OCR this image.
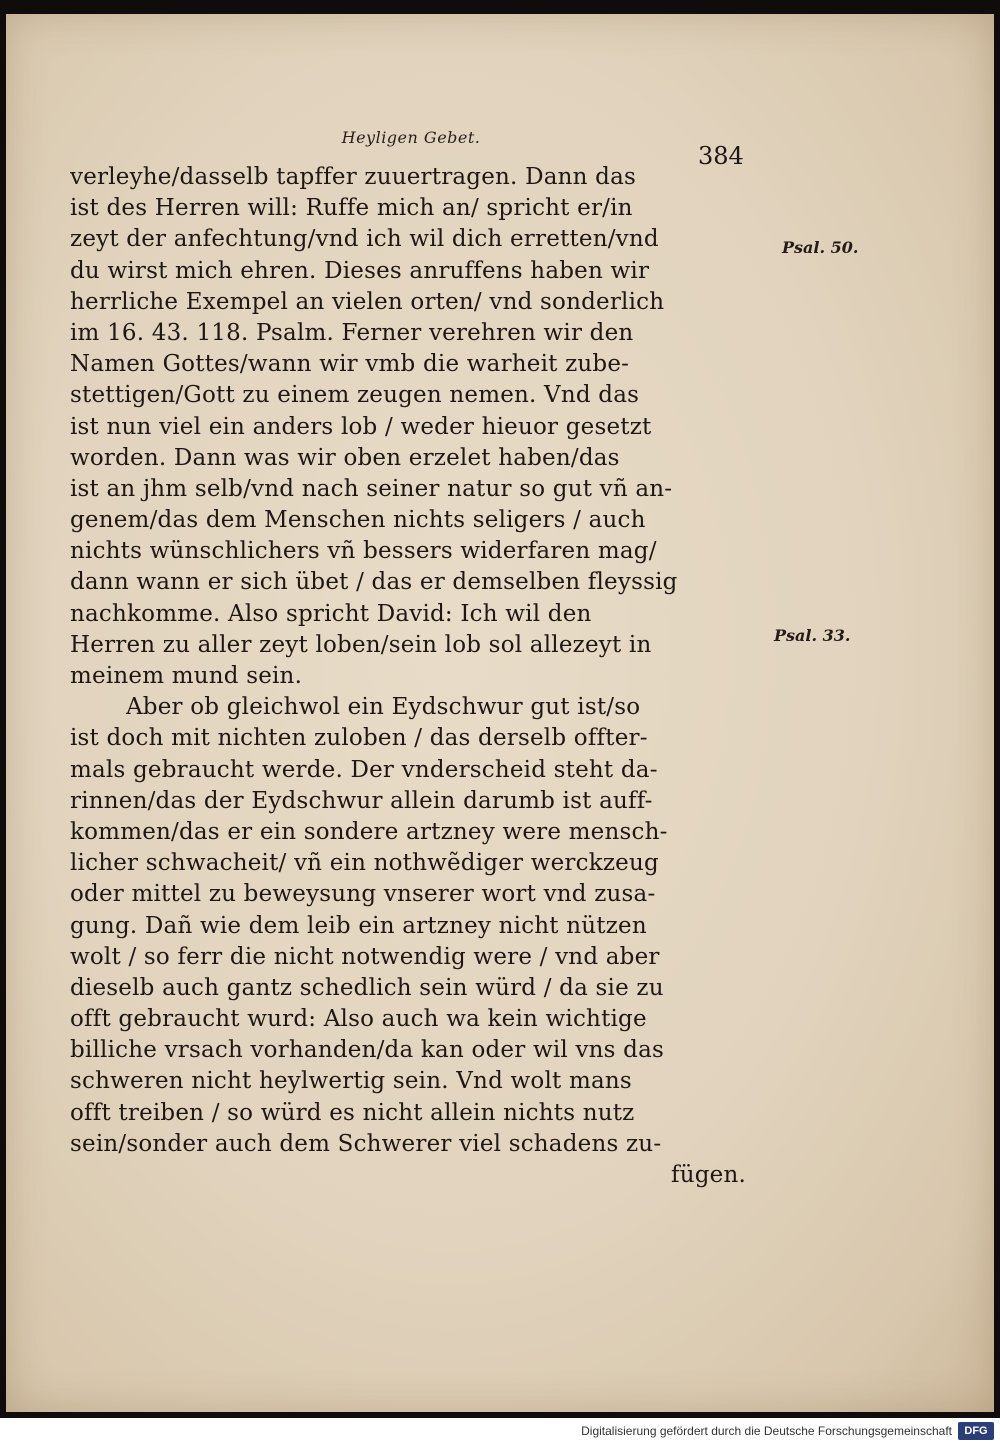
Heyligen Gebet.
384
verleyhe/dasselb tapffer zuuertragen. Dann das
ist des Herren will: Ruffe mich an/ spricht er/in
zeyt der anfechtung/vnd ich wil dich erretten/vnd
du wirst mich ehren. Dieses anruffens haben wir
herrliche Exempel an vielen orten/ vnd sonderlich
im 16. 43. 118. Psalm. Ferner verehren wir den
Namen Gottes/wann wir vmb die warheit zube-
stettigen/Gott zu einem zeugen nemen. Vnd das
ist nun viel ein anders lob / weder hieuor gesetzt
worden. Dann was wir oben erzelet haben/das
ist an jhm selb/vnd nach seiner natur so gut vñ an-
genem/das dem Menschen nichts seligers / auch
nichts wünschlichers vñ bessers widerfaren mag/
dann wann er sich übet / das er demselben fleyssig
nachkomme. Also spricht David: Ich wil den
Herren zu aller zeyt loben/sein lob sol allezeyt in
meinem mund sein.
Aber ob gleichwol ein Eydschwur gut ist/so
ist doch mit nichten zuloben / das derselb offter-
mals gebraucht werde. Der vnderscheid steht da-
rinnen/das der Eydschwur allein darumb ist auff-
kommen/das er ein sondere artzney were mensch-
licher schwacheit/ vñ ein nothwẽdiger werckzeug
oder mittel zu beweysung vnserer wort vnd zusa-
gung. Dañ wie dem leib ein artzney nicht nützen
wolt / so ferr die nicht notwendig were / vnd aber
dieselb auch gantz schedlich sein würd / da sie zu
offt gebraucht wurd: Also auch wa kein wichtige
billiche vrsach vorhanden/da kan oder wil vns das
schweren nicht heylwertig sein. Vnd wolt mans
offt treiben / so würd es nicht allein nichts nutz
sein/sonder auch dem Schwerer viel schadens zu-
fügen.
Psal. 50.
Psal. 33.
Digitalisierung gefördert durch die Deutsche Forschungsgemeinschaft	DFG
